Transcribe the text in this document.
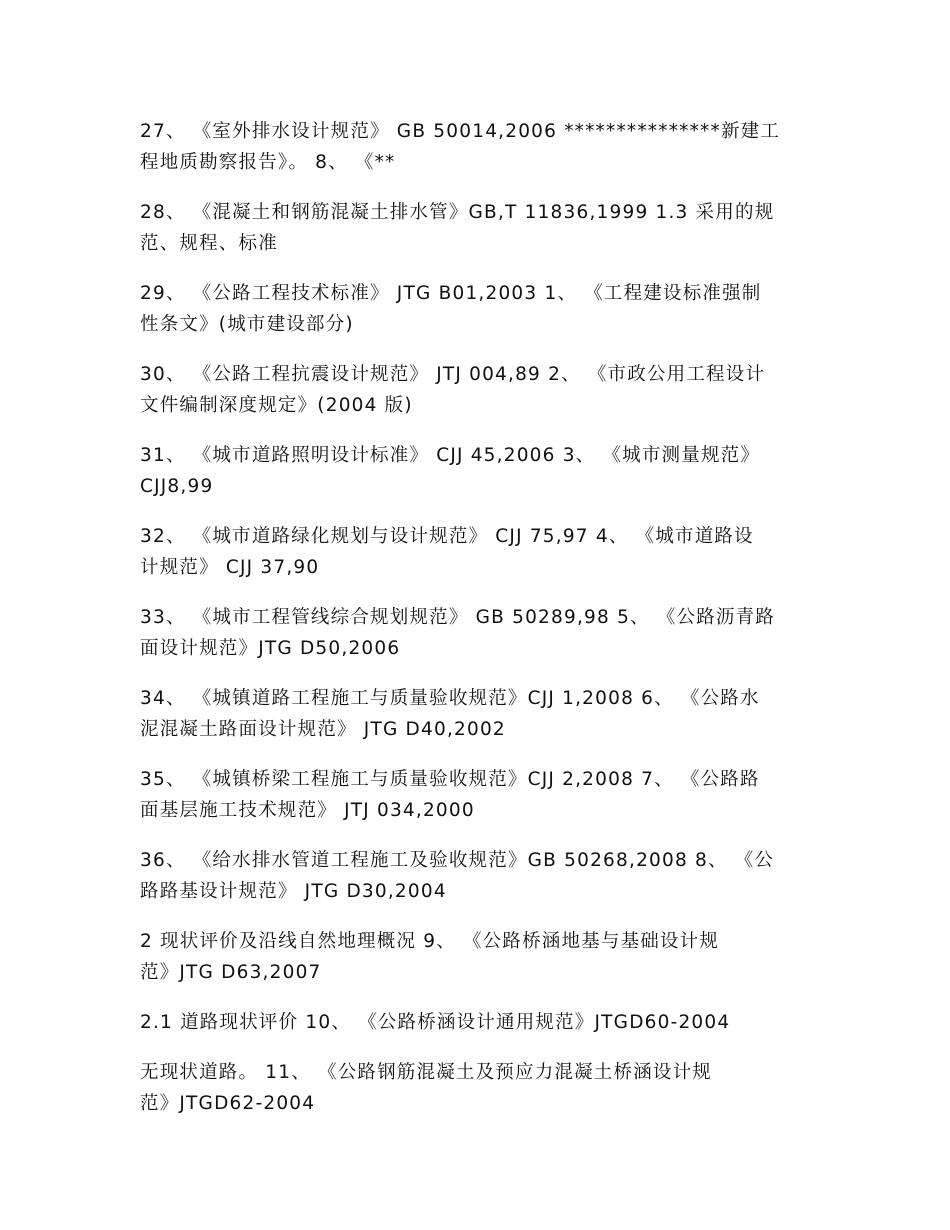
27、 《室外排水设计规范》 GB 50014,2006 ***************新建工
程地质勘察报告》。 8、 《**

28、 《混凝土和钢筋混凝土排水管》GB,T 11836,1999 1.3 采用的规
范、规程、标准

29、 《公路工程技术标准》 JTG B01,2003 1、 《工程建设标准强制
性条文》(城市建设部分)

30、 《公路工程抗震设计规范》 JTJ 004,89 2、 《市政公用工程设计
文件编制深度规定》(2004 版)

31、 《城市道路照明设计标准》 CJJ 45,2006 3、 《城市测量规范》
CJJ8,99

32、 《城市道路绿化规划与设计规范》 CJJ 75,97 4、 《城市道路设
计规范》 CJJ 37,90

33、 《城市工程管线综合规划规范》 GB 50289,98 5、 《公路沥青路
面设计规范》JTG D50,2006

34、 《城镇道路工程施工与质量验收规范》CJJ 1,2008 6、 《公路水
泥混凝土路面设计规范》 JTG D40,2002

35、 《城镇桥梁工程施工与质量验收规范》CJJ 2,2008 7、 《公路路
面基层施工技术规范》 JTJ 034,2000

36、 《给水排水管道工程施工及验收规范》GB 50268,2008 8、 《公
路路基设计规范》 JTG D30,2004

2 现状评价及沿线自然地理概况 9、 《公路桥涵地基与基础设计规
范》JTG D63,2007

2.1 道路现状评价 10、 《公路桥涵设计通用规范》JTGD60-2004

无现状道路。 11、 《公路钢筋混凝土及预应力混凝土桥涵设计规
范》JTGD62-2004
